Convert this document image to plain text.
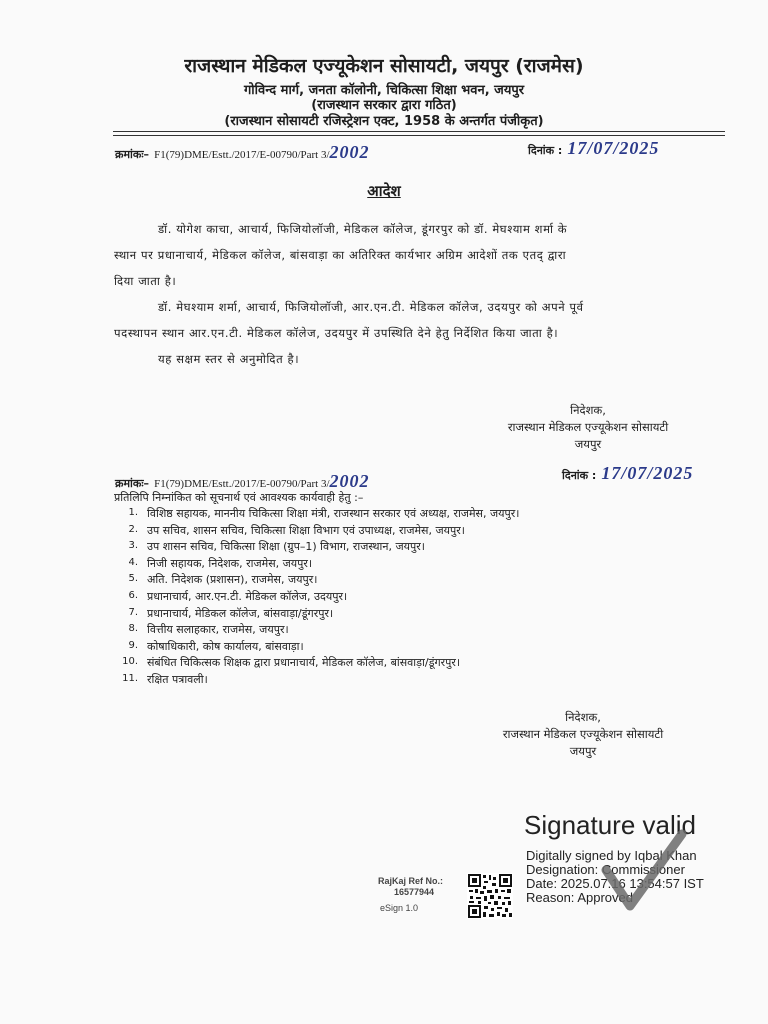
राजस्थान मेडिकल एज्यूकेशन सोसायटी, जयपुर (राजमेस)
गोविन्द मार्ग, जनता कॉलोनी, चिकित्सा शिक्षा भवन, जयपुर
(राजस्थान सरकार द्वारा गठित)
(राजस्थान सोसायटी रजिस्ट्रेशन एक्ट, 1958 के अन्तर्गत पंजीकृत)
क्रमांकः– F1(79)DME/Estt./2017/E-00790/Part 3/2002	दिनांक : 17/07/2025
आदेश
डॉ. योगेश काचा, आचार्य, फिजियोलॉजी, मेडिकल कॉलेज, डूंगरपुर को डॉ. मेघश्याम शर्मा के
स्थान पर प्रधानाचार्य, मेडिकल कॉलेज, बांसवाड़ा का अतिरिक्त कार्यभार अग्रिम आदेशों तक एतद् द्वारा
दिया जाता है।
डॉ. मेघश्याम शर्मा, आचार्य, फिजियोलॉजी, आर.एन.टी. मेडिकल कॉलेज, उदयपुर को अपने पूर्व
पदस्थापन स्थान आर.एन.टी. मेडिकल कॉलेज, उदयपुर में उपस्थिति देने हेतु निर्देशित किया जाता है।
यह सक्षम स्तर से अनुमोदित है।
निदेशक,
राजस्थान मेडिकल एज्यूकेशन सोसायटी
जयपुर
क्रमांकः– F1(79)DME/Estt./2017/E-00790/Part 3/2002	दिनांक : 17/07/2025
प्रतिलिपि निम्नांकित को सूचनार्थ एवं आवश्यक कार्यवाही हेतु :–
1. विशिष्ठ सहायक, माननीय चिकित्सा शिक्षा मंत्री, राजस्थान सरकार एवं अध्यक्ष, राजमेस, जयपुर।
2. उप सचिव, शासन सचिव, चिकित्सा शिक्षा विभाग एवं उपाध्यक्ष, राजमेस, जयपुर।
3. उप शासन सचिव, चिकित्सा शिक्षा (ग्रुप–1) विभाग, राजस्थान, जयपुर।
4. निजी सहायक, निदेशक, राजमेस, जयपुर।
5. अति. निदेशक (प्रशासन), राजमेस, जयपुर।
6. प्रधानाचार्य, आर.एन.टी. मेडिकल कॉलेज, उदयपुर।
7. प्रधानाचार्य, मेडिकल कॉलेज, बांसवाड़ा/डूंगरपुर।
8. वित्तीय सलाहकार, राजमेस, जयपुर।
9. कोषाधिकारी, कोष कार्यालय, बांसवाड़ा।
10. संबंधित चिकित्सक शिक्षक द्वारा प्रधानाचार्य, मेडिकल कॉलेज, बांसवाड़ा/डूंगरपुर।
11. रक्षित पत्रावली।
निदेशक,
राजस्थान मेडिकल एज्यूकेशन सोसायटी
जयपुर
RajKaj Ref No.:
16577944
eSign 1.0
Signature valid
Digitally signed by Iqbal Khan
Designation: Commissioner
Date: 2025.07.16 13:54:57 IST
Reason: Approved
